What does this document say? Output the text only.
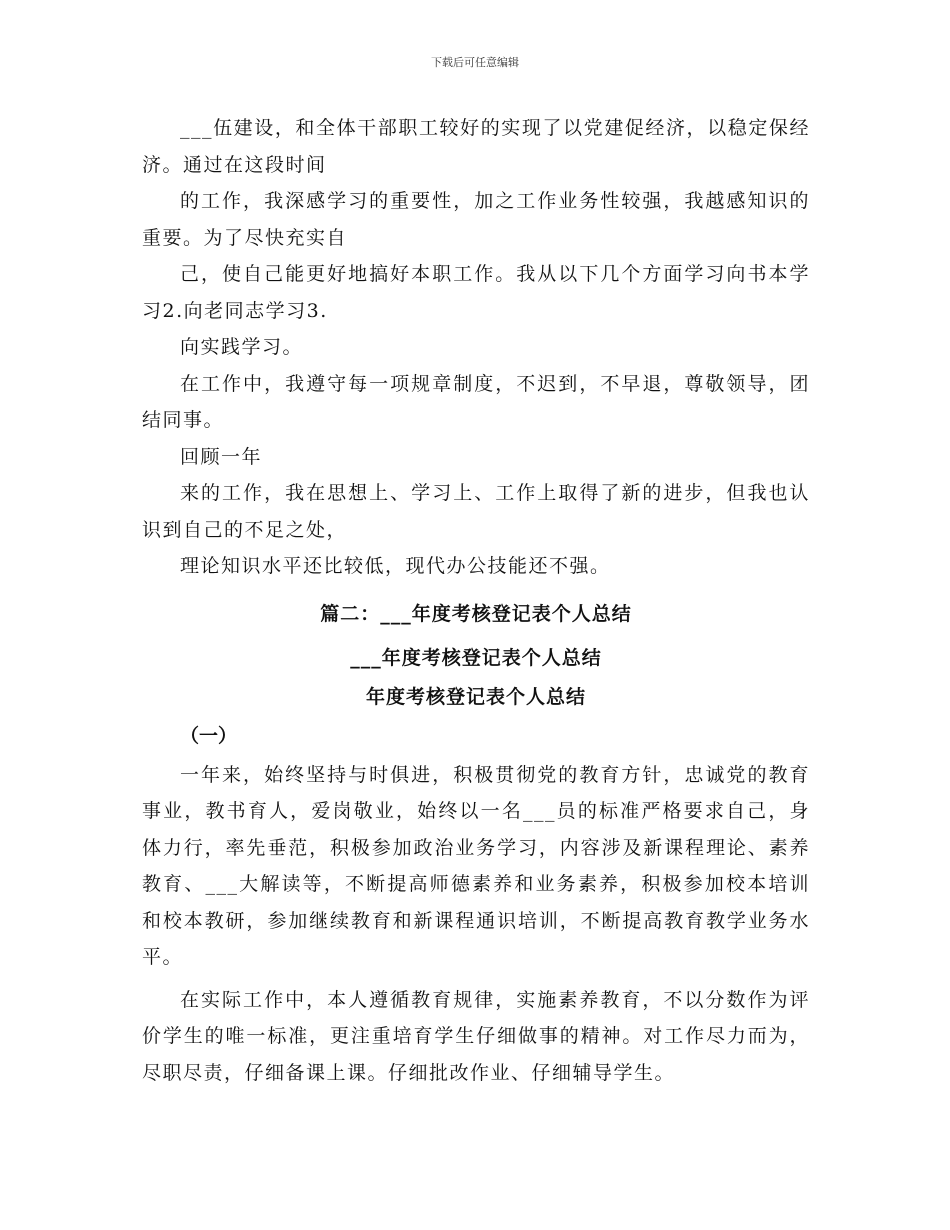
下载后可任意编辑

___伍建设，和全体干部职工较好的实现了以党建促经济，以稳定保经济。通过在这段时间

的工作，我深感学习的重要性，加之工作业务性较强，我越感知识的重要。为了尽快充实自

己，使自己能更好地搞好本职工作。我从以下几个方面学习向书本学习2.向老同志学习3.

向实践学习。

在工作中，我遵守每一项规章制度，不迟到，不早退，尊敬领导，团结同事。

回顾一年

来的工作，我在思想上、学习上、工作上取得了新的进步，但我也认识到自己的不足之处，

理论知识水平还比较低，现代办公技能还不强。

篇二：___年度考核登记表个人总结

___年度考核登记表个人总结

年度考核登记表个人总结

（一）

一年来，始终坚持与时俱进，积极贯彻党的教育方针，忠诚党的教育事业，教书育人，爱岗敬业，始终以一名___员的标准严格要求自己，身体力行，率先垂范，积极参加政治业务学习，内容涉及新课程理论、素养教育、___大解读等，不断提高师德素养和业务素养，积极参加校本培训和校本教研，参加继续教育和新课程通识培训，不断提高教育教学业务水平。

在实际工作中，本人遵循教育规律，实施素养教育，不以分数作为评价学生的唯一标准，更注重培育学生仔细做事的精神。对工作尽力而为，尽职尽责，仔细备课上课。仔细批改作业、仔细辅导学生。
